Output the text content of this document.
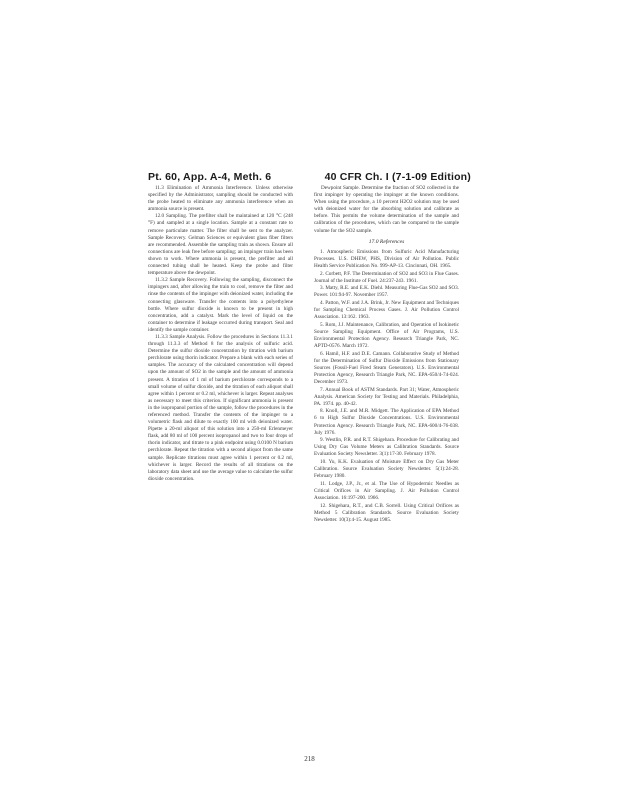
Pt. 60, App. A-4, Meth. 6	40 CFR Ch. I (7-1-09 Edition)

11.3 Elimination of Ammonia Interference. Unless otherwise specified by the Administrator, sampling should be conducted with the probe heated to eliminate any ammonia interference when an ammonia source is present.

12.0 Sampling. The prefilter shall be maintained at 120 °C (248 °F) and sampled at a single location. Sample at a constant rate to remove particulate matter. The filter shall be sent to the analyzer. Sample Recovery. Gelman Sciences or equivalent glass fiber filters are recommended. Assemble the sampling train as shown. Ensure all connections are leak free before sampling; an impinger train has been shown to work. Where ammonia is present, the prefilter and all connected tubing shall be heated. Keep the probe and filter temperature above the dewpoint.

11.3.2 Sample Recovery. Following the sampling, disconnect the impingers and, after allowing the train to cool, remove the filter and rinse the contents of the impinger with deionized water, including the connecting glassware. Transfer the contents into a polyethylene bottle. Where sulfur dioxide is known to be present in high concentration, add a catalyst. Mark the level of liquid on the container to determine if leakage occurred during transport. Seal and identify the sample container.

11.3.3 Sample Analysis. Follow the procedures in Sections 11.3.1 through 11.3.3 of Method 8 for the analysis of sulfuric acid. Determine the sulfur dioxide concentration by titration with barium perchlorate using thorin indicator. Prepare a blank with each series of samples. The accuracy of the calculated concentration will depend upon the amount of SO2 in the sample and the amount of ammonia present. A titration of 1 ml of barium perchlorate corresponds to a small volume of sulfur dioxide, and the titration of each aliquot shall agree within 1 percent or 0.2 ml, whichever is larger. Repeat analyses as necessary to meet this criterion. If significant ammonia is present in the isopropanol portion of the sample, follow the procedures in the referenced method. Transfer the contents of the impinger to a volumetric flask and dilute to exactly 100 ml with deionized water. Pipette a 20-ml aliquot of this solution into a 250-ml Erlenmeyer flask, add 80 ml of 100 percent isopropanol and two to four drops of thorin indicator, and titrate to a pink endpoint using 0.0100 N barium perchlorate. Repeat the titration with a second aliquot from the same sample. Replicate titrations must agree within 1 percent or 0.2 ml, whichever is larger. Record the results of all titrations on the laboratory data sheet and use the average value to calculate the sulfur dioxide concentration.

Dewpoint Sample. Determine the fraction of SO2 collected in the first impinger by operating the impinger at the known conditions. When using the procedure, a 10 percent H2O2 solution may be used with deionized water for the absorbing solution and calibrate as before. This permits the volume determination of the sample and calibration of the procedures, which can be compared to the sample volume for the SO2 sample.

17.0 References

1. Atmospheric Emissions from Sulfuric Acid Manufacturing Processes. U.S. DHEW, PHS, Division of Air Pollution. Public Health Service Publication No. 999-AP-13. Cincinnati, OH. 1965.

2. Corbett, P.F. The Determination of SO2 and SO3 in Flue Gases. Journal of the Institute of Fuel. 24:237-243. 1961.

3. Matty, R.E. and E.K. Diehl. Measuring Flue-Gas SO2 and SO3. Power. 101:94-97. November 1957.

4. Patton, W.F. and J.A. Brink, Jr. New Equipment and Techniques for Sampling Chemical Process Gases. J. Air Pollution Control Association. 13:162. 1963.

5. Rom, J.J. Maintenance, Calibration, and Operation of Isokinetic Source Sampling Equipment. Office of Air Programs, U.S. Environmental Protection Agency. Research Triangle Park, NC. APTD-0576. March 1972.

6. Hamil, H.F. and D.E. Camann. Collaborative Study of Method for the Determination of Sulfur Dioxide Emissions from Stationary Sources (Fossil-Fuel Fired Steam Generators). U.S. Environmental Protection Agency, Research Triangle Park, NC. EPA-650/4-74-024. December 1973.

7. Annual Book of ASTM Standards. Part 31; Water, Atmospheric Analysis. American Society for Testing and Materials. Philadelphia, PA. 1974. pp. 40-42.

8. Knoll, J.E. and M.R. Midgett. The Application of EPA Method 6 to High Sulfur Dioxide Concentrations. U.S. Environmental Protection Agency. Research Triangle Park, NC. EPA-600/4-76-038. July 1976.

9. Westlin, P.R. and R.T. Shigehara. Procedure for Calibrating and Using Dry Gas Volume Meters as Calibration Standards. Source Evaluation Society Newsletter. 3(1):17-30. February 1978.

10. Yu, K.K. Evaluation of Moisture Effect on Dry Gas Meter Calibration. Source Evaluation Society Newsletter. 5(1):24-28. February 1980.

11. Lodge, J.P., Jr., et al. The Use of Hypodermic Needles as Critical Orifices in Air Sampling. J. Air Pollution Control Association. 16:197-200. 1966.

12. Shigehara, R.T., and C.B. Sorrell. Using Critical Orifices as Method 5 Calibration Standards. Source Evaluation Society Newsletter. 10(3):4-15. August 1985.

218
